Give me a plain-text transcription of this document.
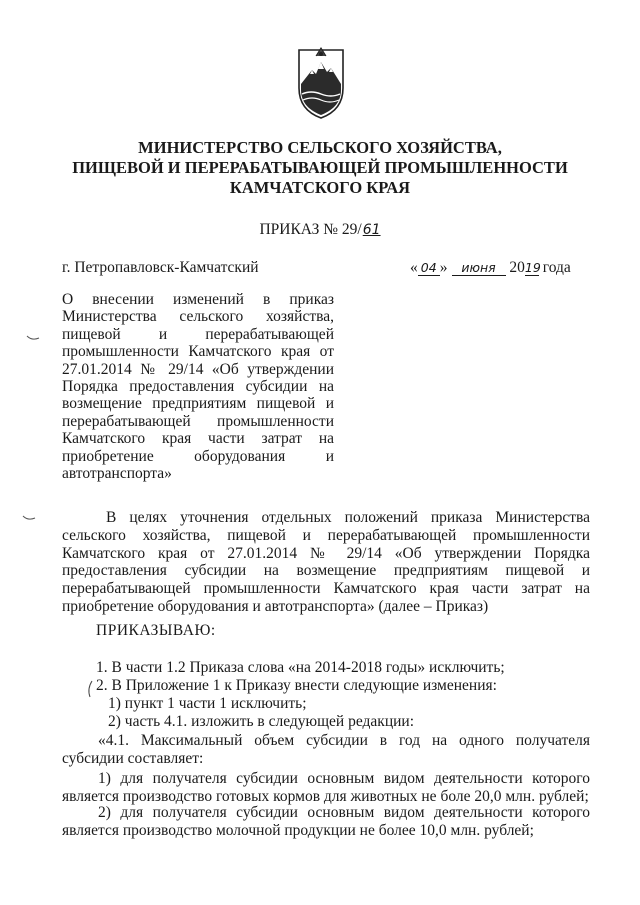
МИНИСТЕРСТВО СЕЛЬСКОГО ХОЗЯЙСТВА,
ПИЩЕВОЙ И ПЕРЕРАБАТЫВАЮЩЕЙ ПРОМЫШЛЕННОСТИ
КАМЧАТСКОГО КРАЯ
ПРИКАЗ № 29/61
г. Петропавловск-Камчатский	« 04 » июня 2019 года
О внесении изменений в приказ Министерства сельского хозяйства, пищевой и перерабатывающей промышленности Камчатского края от 27.01.2014 № 29/14 «Об утверждении Порядка предоставления субсидии на возмещение предприятиям пищевой и перерабатывающей промышленности Камчатского края части затрат на приобретение оборудования и автотранспорта»
В целях уточнения отдельных положений приказа Министерства сельского хозяйства, пищевой и перерабатывающей промышленности Камчатского края от 27.01.2014 № 29/14 «Об утверждении Порядка предоставления субсидии на возмещение предприятиям пищевой и перерабатывающей промышленности Камчатского края части затрат на приобретение оборудования и автотранспорта» (далее – Приказ)
ПРИКАЗЫВАЮ:
1. В части 1.2 Приказа слова «на 2014-2018 годы» исключить;
2. В Приложение 1 к Приказу внести следующие изменения:
1) пункт 1 части 1 исключить;
2) часть 4.1. изложить в следующей редакции:
«4.1. Максимальный объем субсидии в год на одного получателя субсидии составляет:
1) для получателя субсидии основным видом деятельности которого является производство готовых кормов для животных не боле 20,0 млн. рублей;
2) для получателя субсидии основным видом деятельности которого является производство молочной продукции не более 10,0 млн. рублей;
